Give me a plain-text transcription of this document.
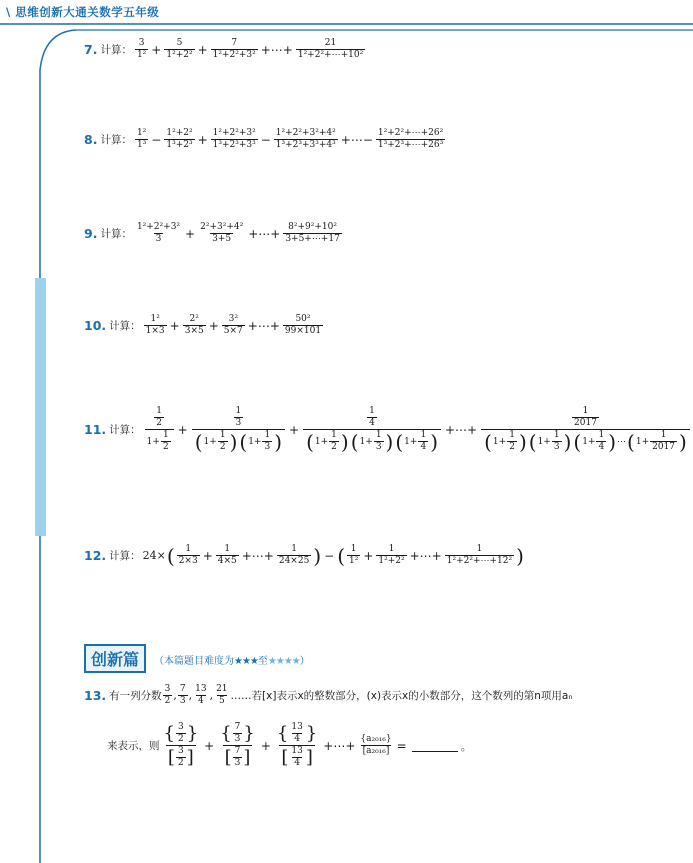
\ 思维创新大通关数学五年级
7. 计算： $\frac{3}{\text{1²}} + \frac{5}{\text{1²+2²}} + \frac{7}{\text{1²+2²+3²}}$ +⋯+ $\frac{21}{\text{1²+2²+⋯+10²}}$
8. 计算： $\frac{\text{1²}}{\text{1³}} - \frac{\text{1²+2²}}{\text{1³+2³}} + \frac{\text{1²+2²+3²}}{\text{1³+2³+3³}} - \frac{\text{1²+2²+3²+4²}}{\text{1³+2³+3³+4³}}$ +⋯− $\frac{\text{1²+2²+⋯+26²}}{\text{1³+2³+⋯+26³}}$
9. 计算： $\frac{\text{1²+2²+3²}}{3} + \frac{\text{2²+3²+4²}}{3+5}$ +⋯+ $\frac{\text{8²+9²+10²}}{3+5+\cdots+17}$
10. 计算： $\frac{\text{1²}}{1\times 3} + \frac{\text{2²}}{3\times 5} + \frac{\text{3²}}{5\times 7}$ +⋯+ $\frac{\text{50²}}{99\times 101}$
11. 计算：
$\frac{1}{2}$
$1+ \frac{1}{2}$
+
$\frac{1}{3}$
( $1 + \frac{1}{2}$ ) ( $1 + \frac{1}{3}$ ) +
$\frac{1}{4}$
( $1 + \frac{1}{2}$ ) ( $1 + \frac{1}{3}$ ) ( $1 + \frac{1}{4}$ ) +⋯+
$\frac{1}{2017}$
( $1 + \frac{1}{2}$ ) ( $1 + \frac{1}{3}$ ) ( $1 + \frac{1}{4}$ ) ⋯ ( $1 + \frac{1}{2017}$ )
12. 计算： 24× ( $\frac{1}{2\times 3} + \frac{1}{4\times 5}$ +⋯+ $\frac{1}{24\times 25}$ ) − ( $\frac{1}{\text{1²}} + \frac{1}{\text{1²+2²}}$ +⋯+ $\frac{1}{\text{1²+2²+⋯+12²}}$ )
创新篇	（本篇题目难度为★★★至★★★★）
13. 有一列分数 $\frac{3}{2}$ , $\frac{7}{3}$ , $\frac{13}{4}$ , $\frac{21}{5}$ ……若[x]表示x的整数部分，(x)表示x的小数部分，这个数列的第n项用aₙ
来表示，则
{ $\frac{3}{2}$ }
[ $\frac{3}{2}$ ]
+ $\frac{\{ \frac{7}{3} \}}{[ \frac{7}{3} ]} + \frac{\{ \frac{13}{4} \}}{[ \frac{13}{4} ]}$ +⋯+ $\frac{\text{\{a₂₀₁₆\}}}{\text{[a₂₀₁₆]}}$ =	。
